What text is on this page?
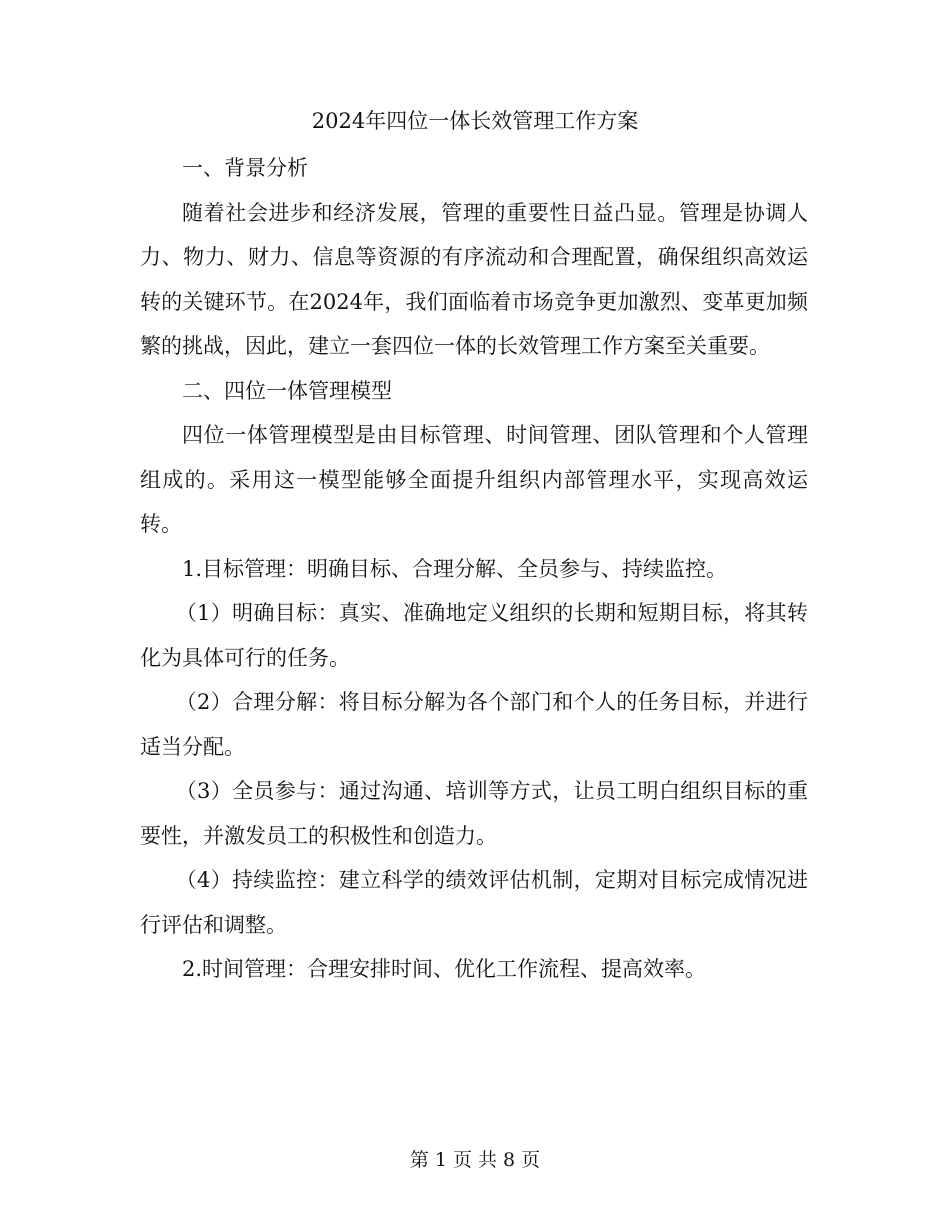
2024年四位一体长效管理工作方案

一、背景分析

随着社会进步和经济发展，管理的重要性日益凸显。管理是协调人力、物力、财力、信息等资源的有序流动和合理配置，确保组织高效运转的关键环节。在2024年，我们面临着市场竞争更加激烈、变革更加频繁的挑战，因此，建立一套四位一体的长效管理工作方案至关重要。

二、四位一体管理模型

四位一体管理模型是由目标管理、时间管理、团队管理和个人管理组成的。采用这一模型能够全面提升组织内部管理水平，实现高效运转。

1.目标管理：明确目标、合理分解、全员参与、持续监控。

（1）明确目标：真实、准确地定义组织的长期和短期目标，将其转化为具体可行的任务。

（2）合理分解：将目标分解为各个部门和个人的任务目标，并进行适当分配。

（3）全员参与：通过沟通、培训等方式，让员工明白组织目标的重要性，并激发员工的积极性和创造力。

（4）持续监控：建立科学的绩效评估机制，定期对目标完成情况进行评估和调整。

2.时间管理：合理安排时间、优化工作流程、提高效率。

第 1 页 共 8 页
